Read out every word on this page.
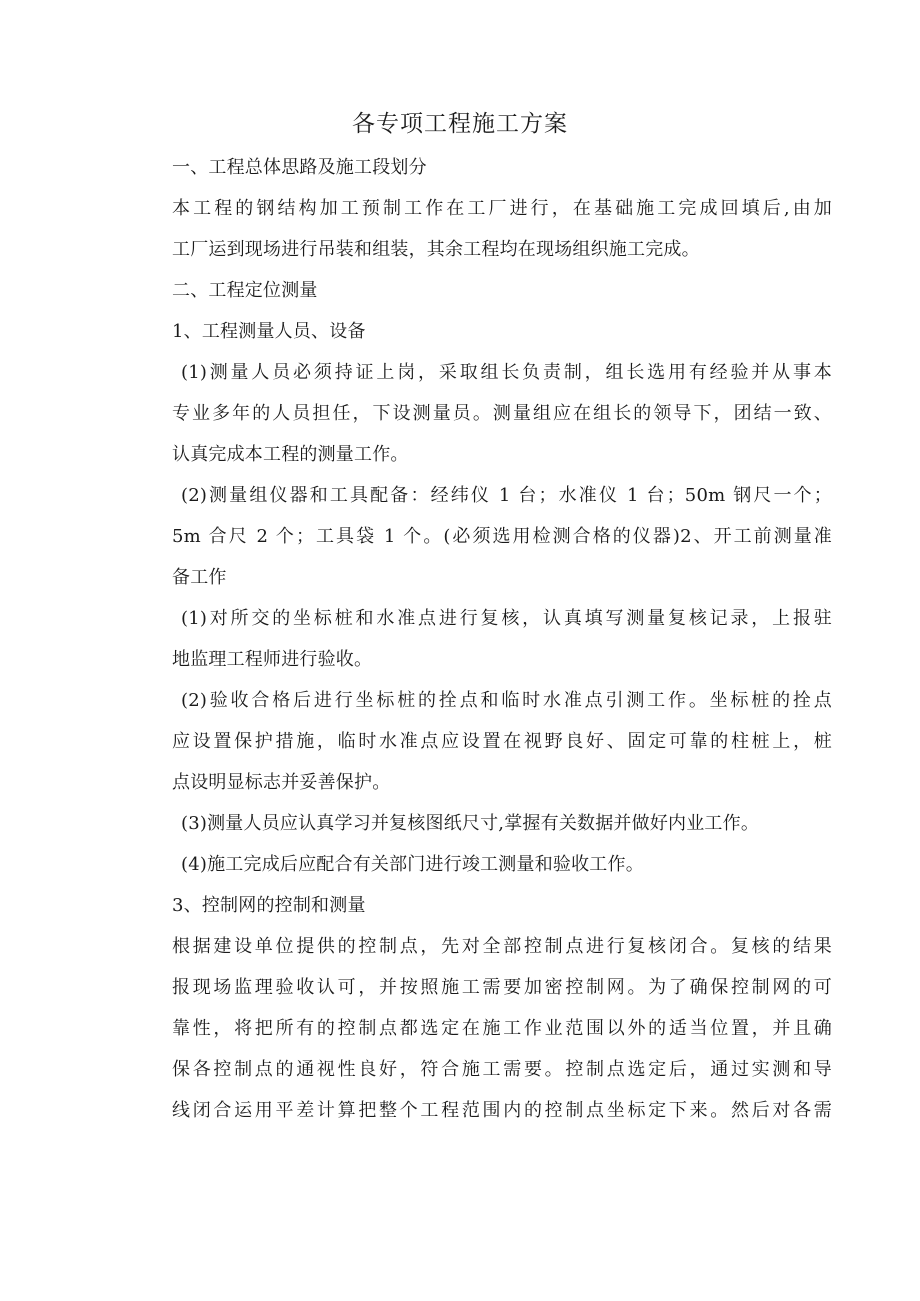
各专项工程施工方案
一、工程总体思路及施工段划分
本工程的钢结构加工预制工作在工厂进行，在基础施工完成回填后,由加
工厂运到现场进行吊装和组装，其余工程均在现场组织施工完成。
二、工程定位测量
1、工程测量人员、设备
(1)测量人员必须持证上岗，采取组长负责制，组长选用有经验并从事本
专业多年的人员担任，下设测量员。测量组应在组长的领导下，团结一致、
认真完成本工程的测量工作。
(2)测量组仪器和工具配备：经纬仪 1 台；水准仪 1 台；50m 钢尺一个；
5m 合尺 2 个；工具袋 1 个。(必须选用检测合格的仪器)2、开工前测量准
备工作
(1)对所交的坐标桩和水准点进行复核，认真填写测量复核记录，上报驻
地监理工程师进行验收。
(2)验收合格后进行坐标桩的拴点和临时水准点引测工作。坐标桩的拴点
应设置保护措施，临时水准点应设置在视野良好、固定可靠的柱桩上，桩
点设明显标志并妥善保护。
(3)测量人员应认真学习并复核图纸尺寸,掌握有关数据并做好内业工作。
(4)施工完成后应配合有关部门进行竣工测量和验收工作。
3、控制网的控制和测量
根据建设单位提供的控制点，先对全部控制点进行复核闭合。复核的结果
报现场监理验收认可，并按照施工需要加密控制网。为了确保控制网的可
靠性，将把所有的控制点都选定在施工作业范围以外的适当位置，并且确
保各控制点的通视性良好，符合施工需要。控制点选定后，通过实测和导
线闭合运用平差计算把整个工程范围内的控制点坐标定下来。然后对各需
